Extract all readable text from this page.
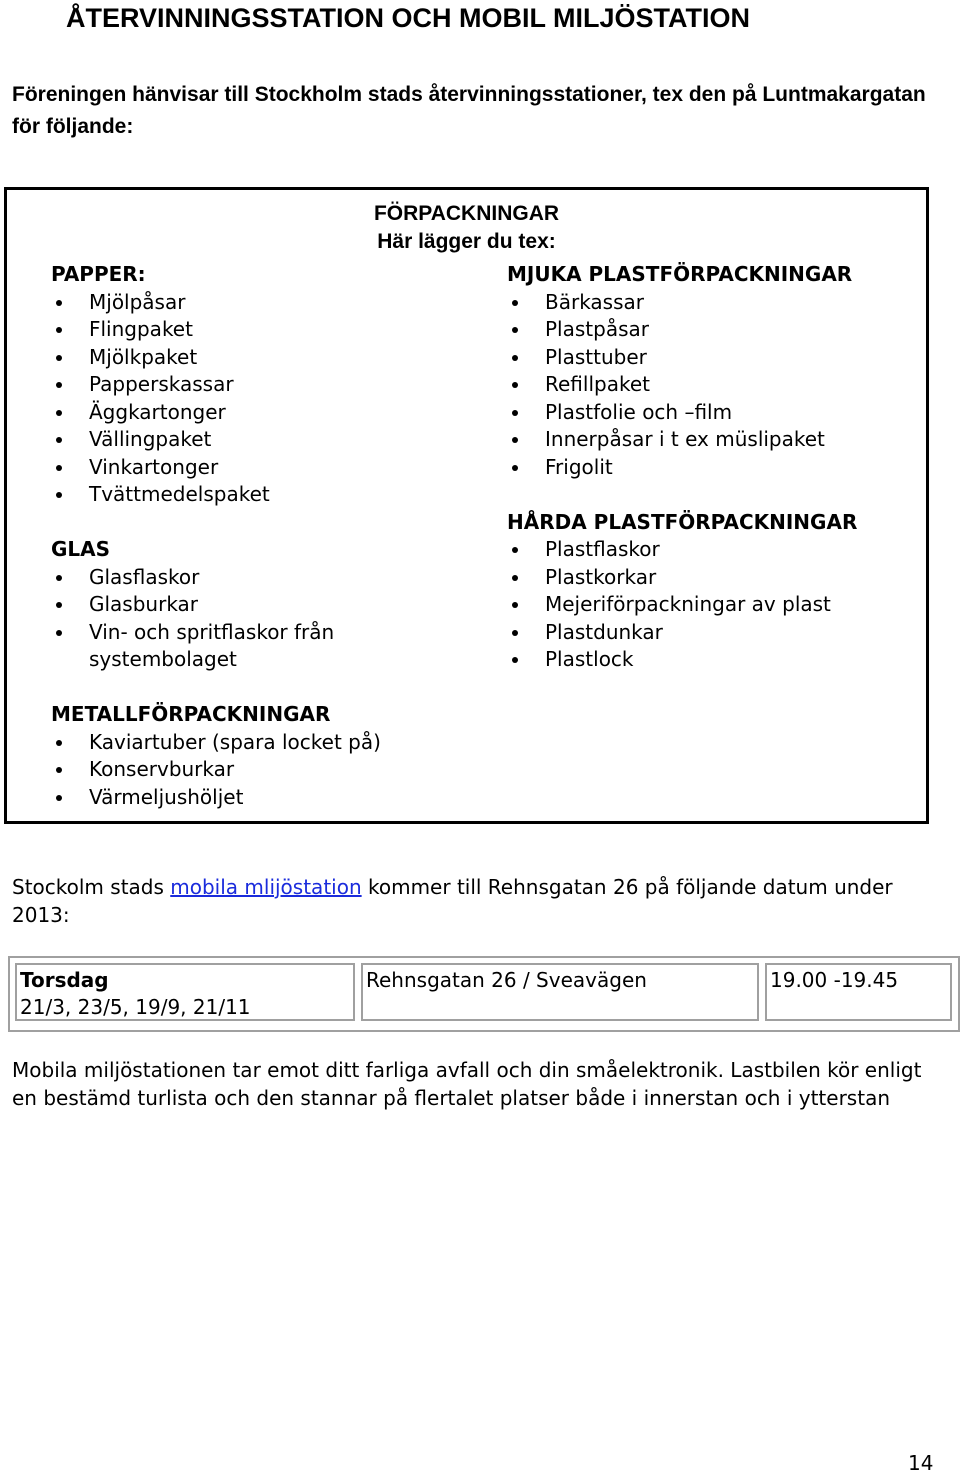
ÅTERVINNINGSSTATION OCH MOBIL MILJÖSTATION

Föreningen hänvisar till Stockholm stads återvinningsstationer, tex den på Luntmakargatan för följande:

FÖRPACKNINGAR
Här lägger du tex:
PAPPER:
Mjölpåsar
Flingpaket
Mjölkpaket
Papperskassar
Äggkartonger
Vällingpaket
Vinkartonger
Tvättmedelspaket
GLAS
Glasflaskor
Glasburkar
Vin- och spritflaskor från systembolaget
METALLFÖRPACKNINGAR
Kaviartuber (spara locket på)
Konservburkar
Värmeljushöljet
MJUKA PLASTFÖRPACKNINGAR
Bärkassar
Plastpåsar
Plasttuber
Refillpaket
Plastfolie och –film
Innerpåsar i t ex müslipaket
Frigolit
HÅRDA PLASTFÖRPACKNINGAR
Plastflaskor
Plastkorkar
Mejeriförpackningar av plast
Plastdunkar
Plastlock

Stockolm stads mobila mlijöstation kommer till Rehnsgatan 26 på följande datum under 2013:

Torsdag
21/3, 23/5, 19/9, 21/11
Rehnsgatan 26 / Sveavägen	19.00 -19.45

Mobila miljöstationen tar emot ditt farliga avfall och din småelektronik. Lastbilen kör enligt en bestämd turlista och den stannar på flertalet platser både i innerstan och i ytterstan

14
